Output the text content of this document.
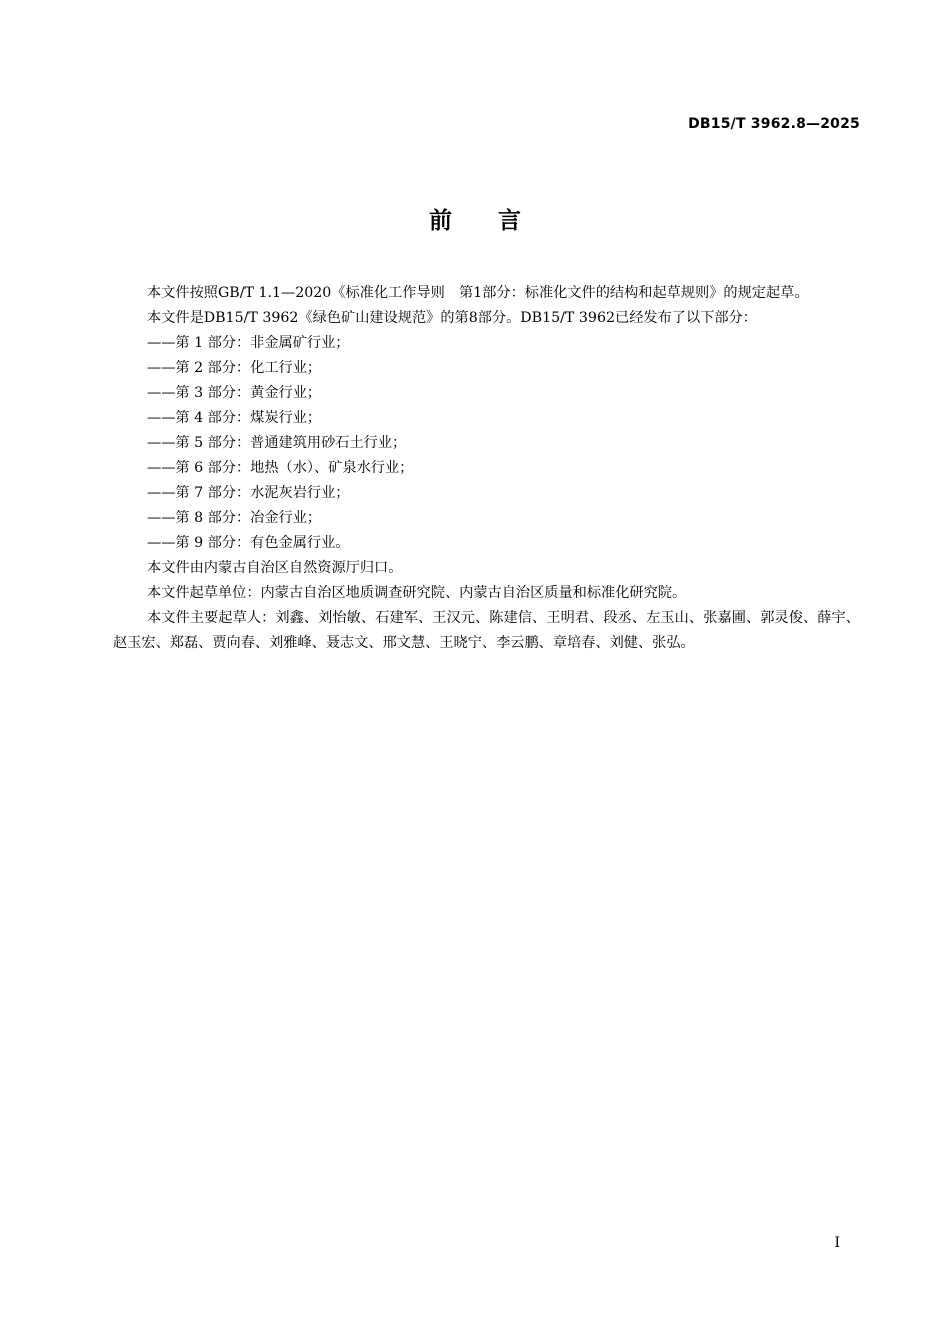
DB15/T 3962.8—2025
前 言

本文件按照GB/T 1.1—2020《标准化工作导则　第1部分：标准化文件的结构和起草规则》的规定起草。

本文件是DB15/T 3962《绿色矿山建设规范》的第8部分。DB15/T 3962已经发布了以下部分：

——第 1 部分：非金属矿行业；

——第 2 部分：化工行业；

——第 3 部分：黄金行业；

——第 4 部分：煤炭行业；

——第 5 部分：普通建筑用砂石土行业；

——第 6 部分：地热（水）、矿泉水行业；

——第 7 部分：水泥灰岩行业；

——第 8 部分：冶金行业；

——第 9 部分：有色金属行业。

本文件由内蒙古自治区自然资源厅归口。

本文件起草单位：内蒙古自治区地质调查研究院、内蒙古自治区质量和标准化研究院。

本文件主要起草人：刘鑫、刘怡敏、石建军、王汉元、陈建信、王明君、段丞、左玉山、张嘉圃、郭灵俊、薛宇、赵玉宏、郑磊、贾向春、刘雅峰、聂志文、邢文慧、王晓宁、李云鹏、章培春、刘健、张弘。

I
